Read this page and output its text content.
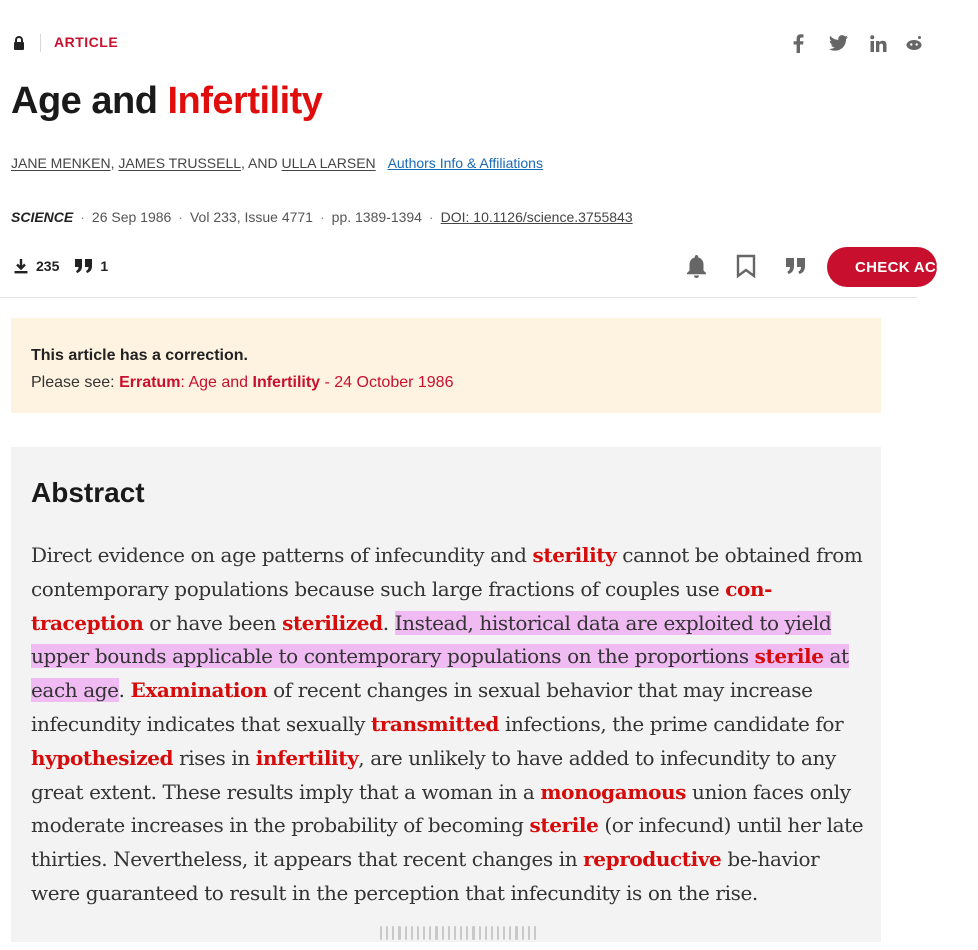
ARTICLE
Age and Infertility
JANE MENKEN, JAMES TRUSSELL, AND ULLA LARSEN Authors Info & Affiliations
SCIENCE · 26 Sep 1986 · Vol 233, Issue 4771 · pp. 1389-1394 · DOI: 10.1126/science.3755843
235	1	CHECK ACCESS
This article has a correction.
Please see: Erratum: Age and Infertility - 24 October 1986
Abstract

Direct evidence on age patterns of infecundity and sterility cannot be obtained from contemporary populations because such large fractions of couples use con-traception or have been sterilized. Instead, historical data are exploited to yield upper bounds applicable to contemporary populations on the proportions sterile at each age. Examination of recent changes in sexual behavior that may increase infecundity indicates that sexually transmitted infections, the prime candidate for hypothesized rises in infertility, are unlikely to have added to infecundity to any great extent. These results imply that a woman in a monogamous union faces only moderate increases in the probability of becoming sterile (or infecund) until her late thirties. Nevertheless, it appears that recent changes in reproductive be-havior were guaranteed to result in the perception that infecundity is on the rise.
